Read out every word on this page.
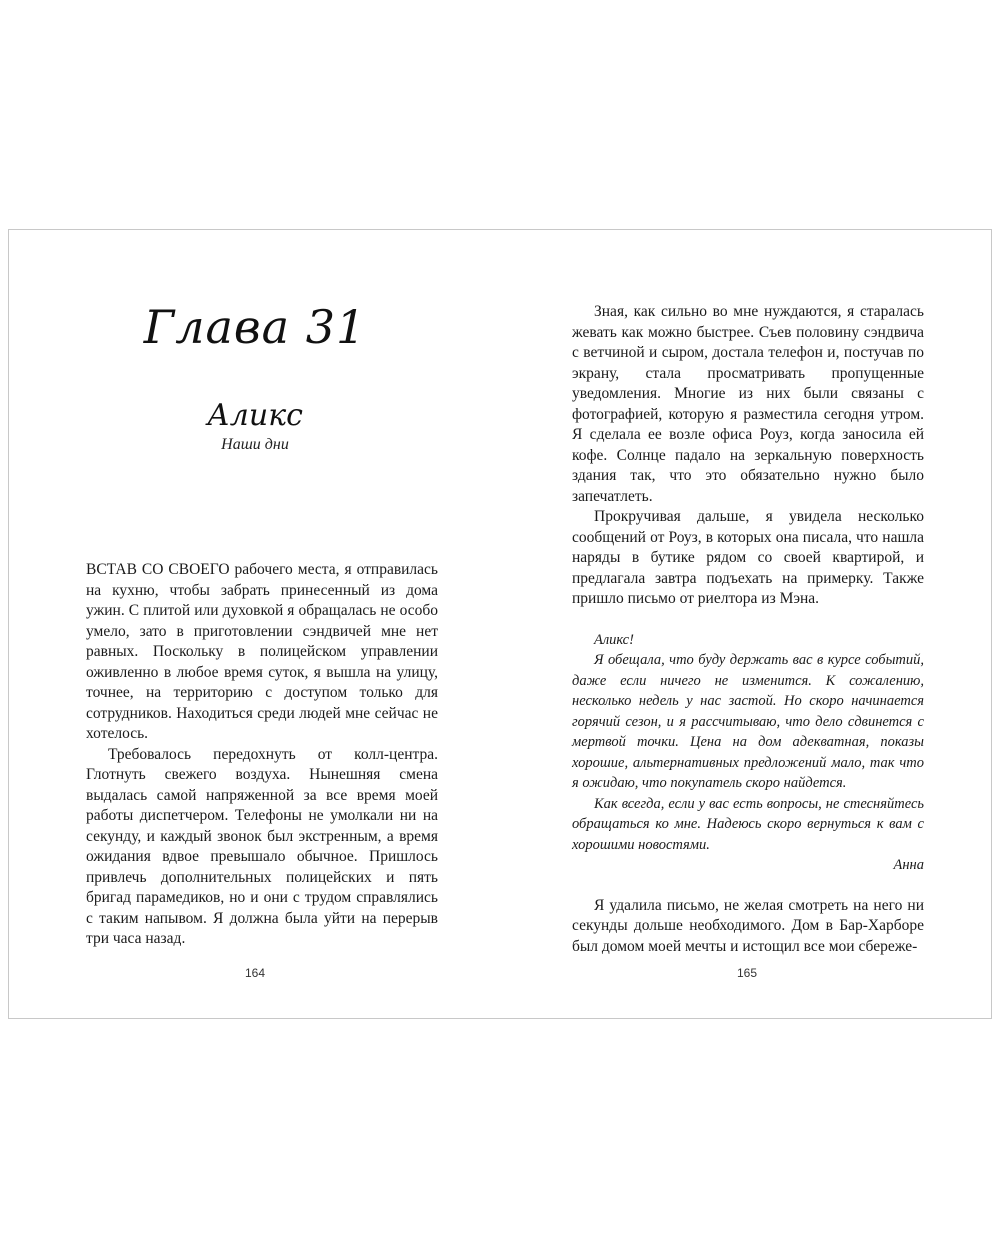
Глава 31
Аликс
Наши дни

ВСТАВ СО СВОЕГО рабочего места, я отправилась на кухню, чтобы забрать принесенный из дома ужин. С плитой или духовкой я обращалась не особо умело, зато в приготовлении сэндвичей мне нет равных. Поскольку в полицейском управлении оживленно в любое время суток, я вышла на улицу, точнее, на территорию с доступом только для сотрудников. Находиться среди людей мне сейчас не хотелось.

Требовалось передохнуть от колл-центра. Глотнуть свежего воздуха. Нынешняя смена выдалась самой напряженной за все время моей работы диспетчером. Телефоны не умолкали ни на секунду, и каждый звонок был экстренным, а время ожидания вдвое превышало обычное. Пришлось привлечь дополнительных полицейских и пять бригад парамедиков, но и они с трудом справлялись с таким напывом. Я должна была уйти на перерыв три часа назад.

164

Зная, как сильно во мне нуждаются, я старалась жевать как можно быстрее. Съев половину сэндвича с ветчиной и сыром, достала телефон и, постучав по экрану, стала просматривать пропущенные уведомления. Многие из них были связаны с фотографией, которую я разместила сегодня утром. Я сделала ее возле офиса Роуз, когда заносила ей кофе. Солнце падало на зеркальную поверхность здания так, что это обязательно нужно было запечатлеть.

Прокручивая дальше, я увидела несколько сообщений от Роуз, в которых она писала, что нашла наряды в бутике рядом со своей квартирой, и предлагала завтра подъехать на примерку. Также пришло письмо от риелтора из Мэна.

Аликс!

Я обещала, что буду держать вас в курсе событий, даже если ничего не изменится. К сожалению, несколько недель у нас застой. Но скоро начинается горячий сезон, и я рассчитываю, что дело сдвинется с мертвой точки. Цена на дом адекватная, показы хорошие, альтернативных предложений мало, так что я ожидаю, что покупатель скоро найдется.

Как всегда, если у вас есть вопросы, не стесняйтесь обращаться ко мне. Надеюсь скоро вернуться к вам с хорошими новостями.

Анна

Я удалила письмо, не желая смотреть на него ни секунды дольше необходимого. Дом в Бар-Харборе был домом моей мечты и истощил все мои сбереже-

165
